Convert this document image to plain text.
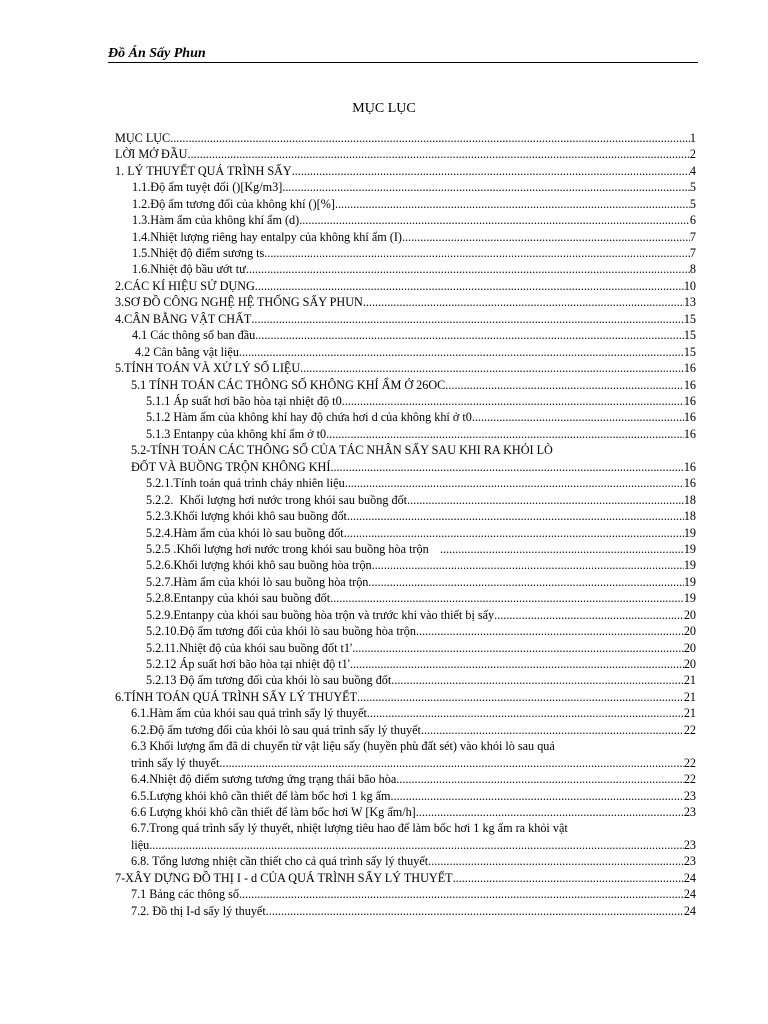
Đồ Án Sấy Phun
MỤC LỤC
MỤC LỤC .....	1
LỜI MỞ ĐẦU .....	2
1. LÝ THUYẾT QUÁ TRÌNH SẤY .....	4
1.1.Độ ẩm tuyệt đối ()[Kg/m3] .....	5
1.2.Độ ẩm tương đối của không khí ()[%] .....	5
1.3.Hàm ẩm của không khí ẩm (d) .....	6
1.4.Nhiệt lượng riêng hay entalpy của không khí ẩm (I) .....	7
1.5.Nhiệt độ điểm sương ts .....	7
1.6.Nhiệt độ bầu ướt tư .....	8
2.CÁC KÍ HIỆU SỬ DỤNG .....	10
3.SƠ ĐỒ CÔNG NGHỆ HỆ THỐNG SẤY PHUN .....	13
4.CÂN BẰNG VẬT CHẤT .....	15
4.1 Các thông số ban đầu .....	15
4.2 Cân bằng vật liệu .....	15
5.TÍNH TOÁN VÀ XỬ LÝ SỐ LIỆU .....	16
5.1 TÍNH TOÁN CÁC THÔNG SỐ KHÔNG KHÍ ẨM Ở 26OC .....	16
5.1.1 Áp suất hơi bão hòa tại nhiệt độ t0 .....	16
5.1.2 Hàm ẩm của không khí hay độ chứa hơi d của không khí ở t0 .....	16
5.1.3 Entanpy của không khí ẩm ở t0 .....	16
5.2-TÍNH TOÁN CÁC THÔNG SỐ CỦA TÁC NHÂN SẤY SAU KHI RA KHỎI LÒ
ĐỐT VÀ BUỒNG TRỘN KHÔNG KHÍ .....	16
5.2.1.Tính toán quá trình cháy nhiên liệu .....	16
5.2.2.  Khối lượng hơi nước trong khói sau buồng đốt .....	18
5.2.3.Khối lượng khói khô sau buồng đốt .....	18
5.2.4.Hàm ẩm của khói lò sau buồng đốt .....	19
5.2.5 .Khối lượng hơi nước trong khói sau buồng hòa trộn .....	19
5.2.6.Khối lượng khói khô sau buồng hòa trộn .....	19
5.2.7.Hàm ẩm của khói lò sau buồng hòa trộn .....	19
5.2.8.Entanpy của khói sau buồng đốt .....	19
5.2.9.Entanpy của khói sau buồng hòa trộn và trước khi vào thiết bị sấy .....	20
5.2.10.Độ ẩm tương đối của khói lò sau buồng hòa trộn .....	20
5.2.11.Nhiệt độ của khói sau buồng đốt t1' .....	20
5.2.12 Áp suất hơi bão hòa tại nhiệt độ t1' .....	20
5.2.13 Độ ẩm tương đối của khói lò sau buồng đốt .....	21
6.TÍNH TOÁN QUÁ TRÌNH SẤY LÝ THUYẾT .....	21
6.1.Hàm ẩm của khói sau quá trình sấy lý thuyết .....	21
6.2.Độ ẩm tương đối của khói lò sau quá trình sấy lý thuyết .....	22
6.3 Khối lượng ẩm đã di chuyển từ vật liệu sấy (huyền phù đất sét) vào khói lò sau quá
trình sấy lý thuyết .....	22
6.4.Nhiệt độ điểm sương tương ứng trạng thái bão hòa .....	22
6.5.Lượng khói khô cần thiết để làm bốc hơi 1 kg ẩm .....	23
6.6 Lượng khói khô cần thiết để làm bốc hơi W [Kg ẩm/h] .....	23
6.7.Trong quá trình sấy lý thuyết, nhiệt lượng tiêu hao để làm bốc hơi 1 kg ẩm ra khỏi vật
liệu .....	23
6.8. Tổng lương nhiệt cần thiết cho cả quá trình sấy lý thuyết .....	23
7-XÂY DỰNG ĐỒ THỊ I - d CỦA QUÁ TRÌNH SẤY LÝ THUYẾT .....	24
7.1 Bảng các thông số .....	24
7.2. Đồ thị I-d sấy lý thuyết .....	24
